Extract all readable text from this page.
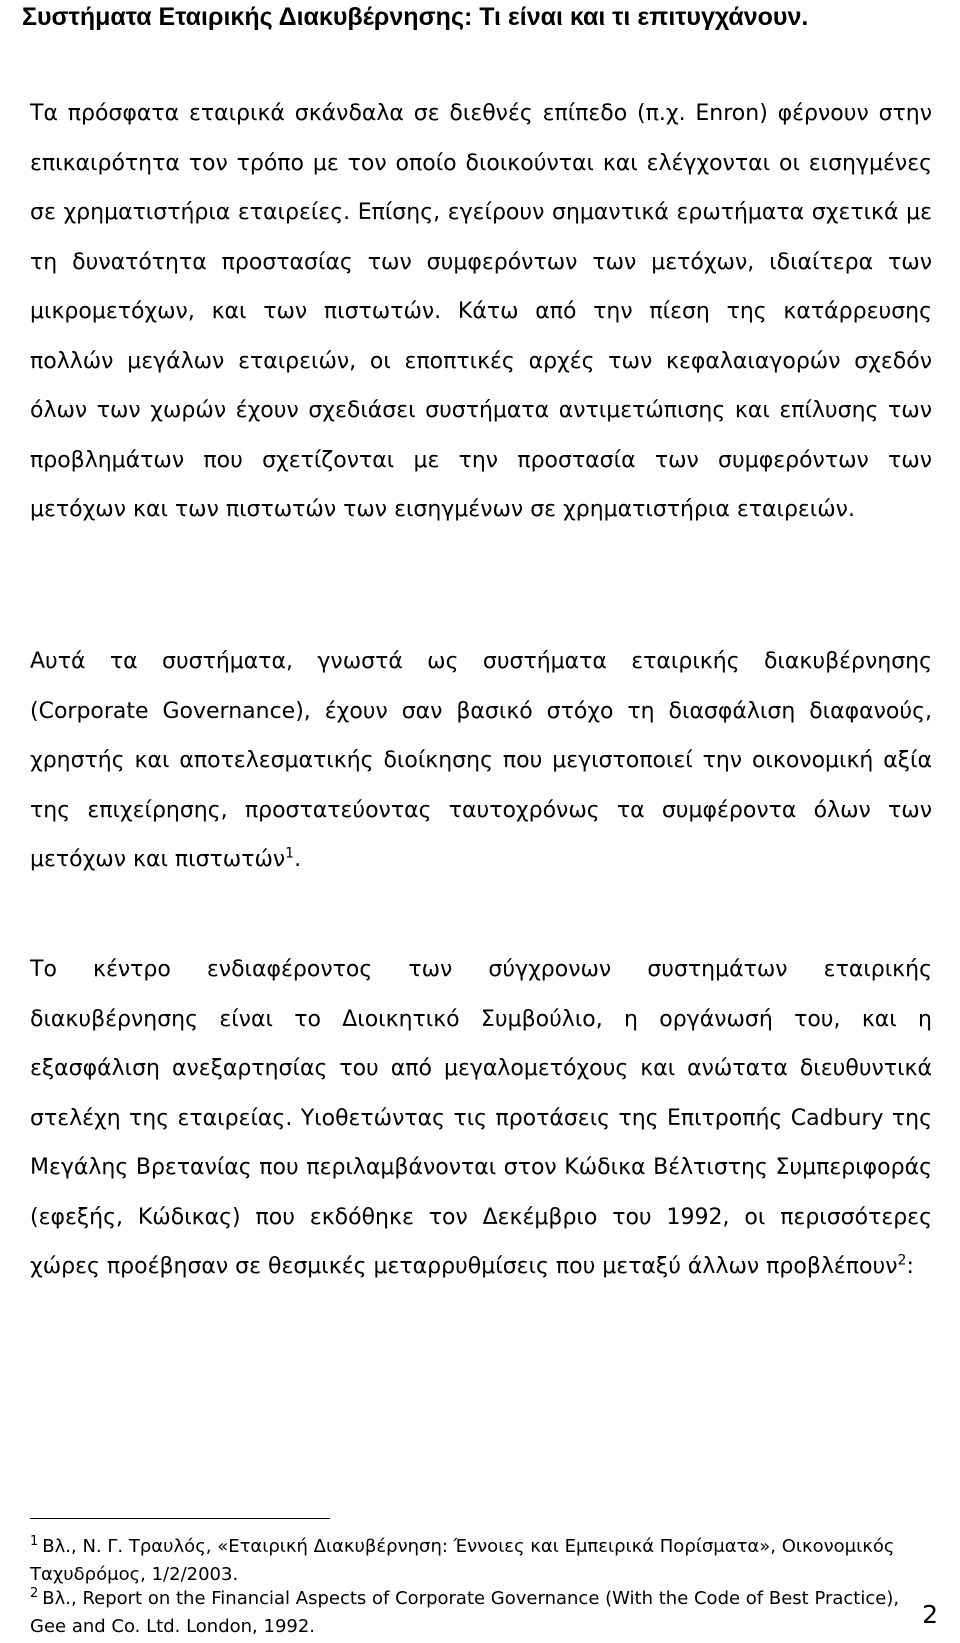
Συστήματα Εταιρικής Διακυβέρνησης: Τι είναι και τι επιτυγχάνουν.

Τα πρόσφατα εταιρικά σκάνδαλα σε διεθνές επίπεδο (π.χ. Enron) φέρνουν στην επικαιρότητα τον τρόπο με τον οποίο διοικούνται και ελέγχονται οι εισηγμένες σε χρηματιστήρια εταιρείες. Επίσης, εγείρουν σημαντικά ερωτήματα σχετικά με τη δυνατότητα προστασίας των συμφερόντων των μετόχων, ιδιαίτερα των μικρομετόχων, και των πιστωτών. Κάτω από την πίεση της κατάρρευσης πολλών μεγάλων εταιρειών, οι εποπτικές αρχές των κεφαλαιαγορών σχεδόν όλων των χωρών έχουν σχεδιάσει συστήματα αντιμετώπισης και επίλυσης των προβλημάτων που σχετίζονται με την προστασία των συμφερόντων των μετόχων και των πιστωτών των εισηγμένων σε χρηματιστήρια εταιρειών.

Αυτά τα συστήματα, γνωστά ως συστήματα εταιρικής διακυβέρνησης (Corporate Governance), έχουν σαν βασικό στόχο τη διασφάλιση διαφανούς, χρηστής και αποτελεσματικής διοίκησης που μεγιστοποιεί την οικονομική αξία της επιχείρησης, προστατεύοντας ταυτοχρόνως τα συμφέροντα όλων των μετόχων και πιστωτών$^1$.

Το κέντρο ενδιαφέροντος των σύγχρονων συστημάτων εταιρικής διακυβέρνησης είναι το Διοικητικό Συμβούλιο, η οργάνωσή του, και η εξασφάλιση ανεξαρτησίας του από μεγαλομετόχους και ανώτατα διευθυντικά στελέχη της εταιρείας. Υιοθετώντας τις προτάσεις της Επιτροπής Cadbury της Μεγάλης Βρετανίας που περιλαμβάνονται στον Κώδικα Βέλτιστης Συμπεριφοράς (εφεξής, Κώδικας) που εκδόθηκε τον Δεκέμβριο του 1992, οι περισσότερες χώρες προέβησαν σε θεσμικές μεταρρυθμίσεις που μεταξύ άλλων προβλέπουν$^2$:

$^1$ Βλ., Ν. Γ. Τραυλός, «Εταιρική Διακυβέρνηση: Έννοιες και Εμπειρικά Πορίσματα», Οικονομικός Ταχυδρόμος, 1/2/2003.

$^2$ Βλ., Report on the Financial Aspects of Corporate Governance (With the Code of Best Practice), Gee and Co. Ltd. London, 1992.	2
